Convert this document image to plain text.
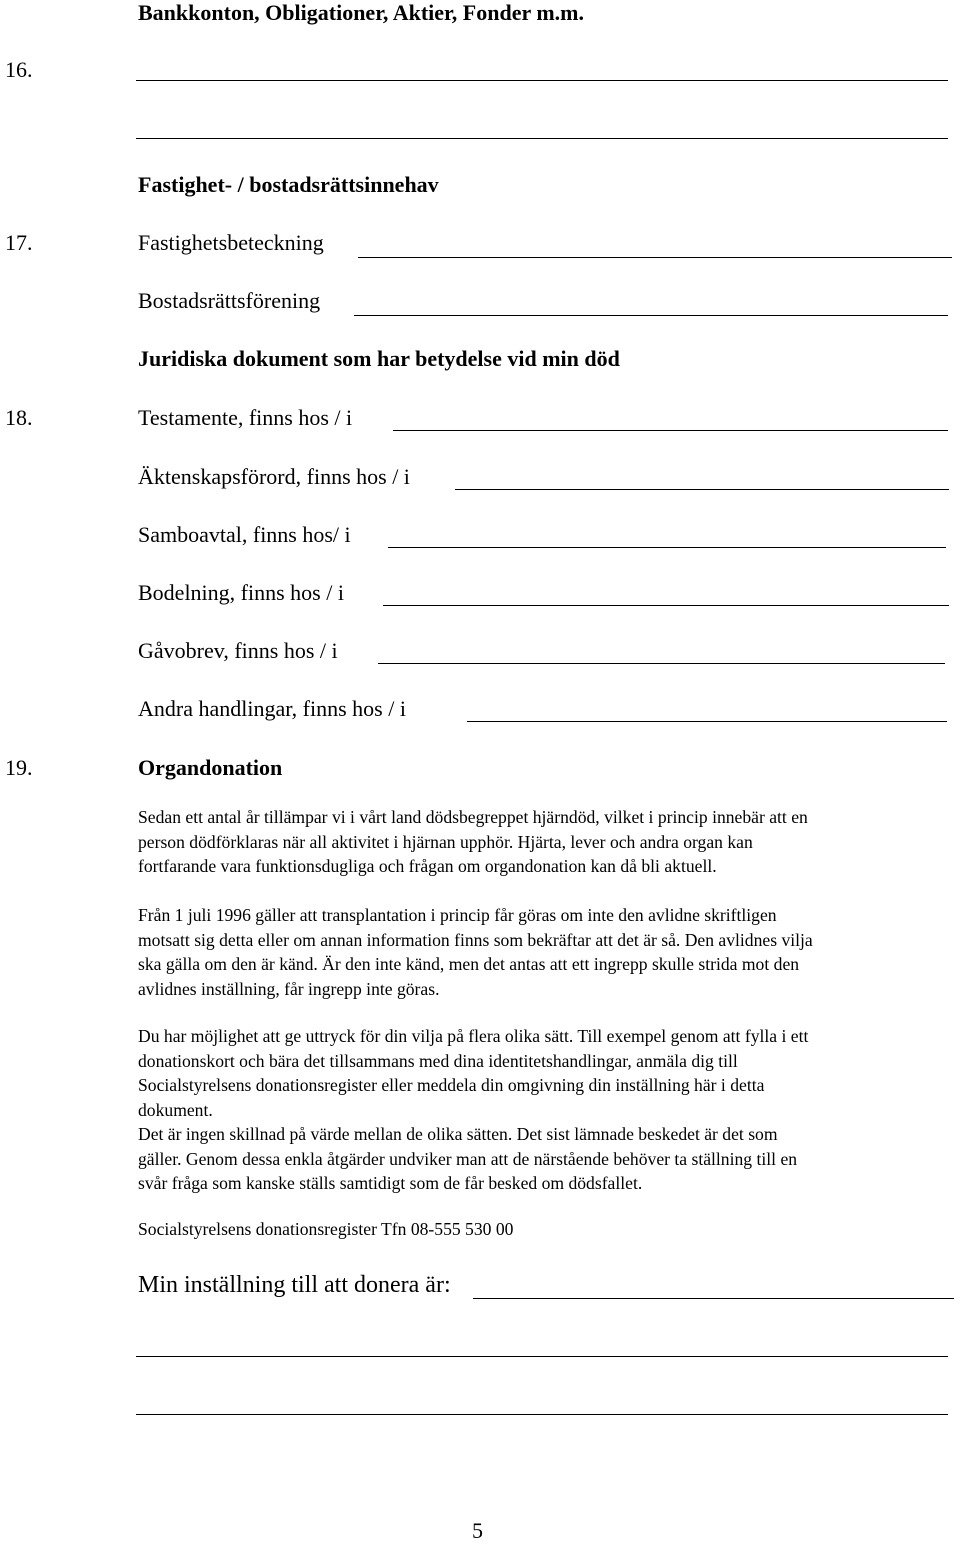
Bankkonton, Obligationer, Aktier, Fonder m.m.
16.
Fastighet- / bostadsrättsinnehav
17.	Fastighetsbeteckning
Bostadsrättsförening
Juridiska dokument som har betydelse vid min död
18.	Testamente, finns hos / i
Äktenskapsförord, finns hos / i
Samboavtal, finns hos/ i
Bodelning, finns hos / i
Gåvobrev, finns hos / i
Andra handlingar, finns hos / i
19.	Organdonation
Sedan ett antal år tillämpar vi i vårt land dödsbegreppet hjärndöd, vilket i princip innebär att en
person dödförklaras när all aktivitet i hjärnan upphör. Hjärta, lever och andra organ kan
fortfarande vara funktionsdugliga och frågan om organdonation kan då bli aktuell.
Från 1 juli 1996 gäller att transplantation i princip får göras om inte den avlidne skriftligen
motsatt sig detta eller om annan information finns som bekräftar att det är så. Den avlidnes vilja
ska gälla om den är känd. Är den inte känd, men det antas att ett ingrepp skulle strida mot den
avlidnes inställning, får ingrepp inte göras.
Du har möjlighet att ge uttryck för din vilja på flera olika sätt. Till exempel genom att fylla i ett
donationskort och bära det tillsammans med dina identitetshandlingar, anmäla dig till
Socialstyrelsens donationsregister eller meddela din omgivning din inställning här i detta
dokument.
Det är ingen skillnad på värde mellan de olika sätten. Det sist lämnade beskedet är det som
gäller. Genom dessa enkla åtgärder undviker man att de närstående behöver ta ställning till en
svår fråga som kanske ställs samtidigt som de får besked om dödsfallet.
Socialstyrelsens donationsregister Tfn 08-555 530 00
Min inställning till att donera är:
5
